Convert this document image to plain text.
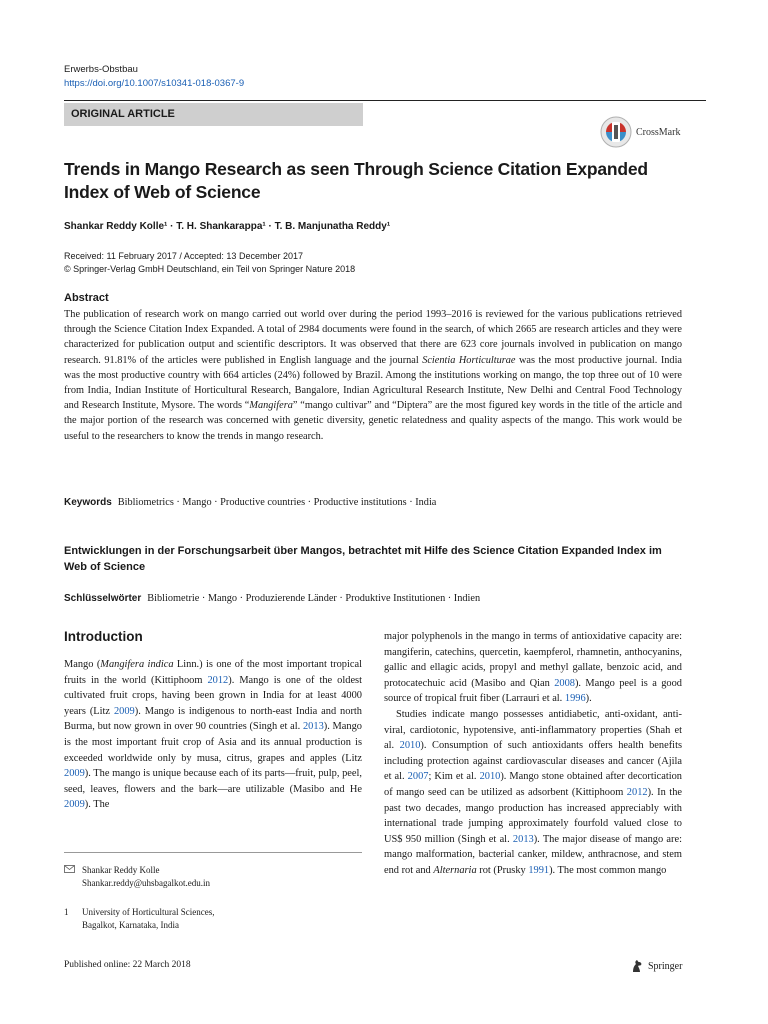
Erwerbs-Obstbau
https://doi.org/10.1007/s10341-018-0367-9
ORIGINAL ARTICLE
CrossMark
Trends in Mango Research as seen Through Science Citation Expanded Index of Web of Science
Shankar Reddy Kolle¹ · T. H. Shankarappa¹ · T. B. Manjunatha Reddy¹
Received: 11 February 2017 / Accepted: 13 December 2017
© Springer-Verlag GmbH Deutschland, ein Teil von Springer Nature 2018
Abstract

The publication of research work on mango carried out world over during the period 1993–2016 is reviewed for the various publications retrieved through the Science Citation Index Expanded. A total of 2984 documents were found in the search, of which 2665 are research articles and they were characterized for publication output and scientific descriptors. It was observed that there are 623 core journals involved in publication on mango research. 91.81% of the articles were published in English language and the journal Scientia Horticulturae was the most productive journal. India was the most productive country with 664 articles (24%) followed by Brazil. Among the institutions working on mango, the top three out of 10 were from India, Indian Institute of Horticultural Research, Bangalore, Indian Agricultural Research Institute, New Delhi and Central Food Technology and Research Institute, Mysore. The words “Mangifera” “mango cultivar” and “Diptera” are the most figured key words in the title of the article and the major portion of the research was concerned with genetic diversity, genetic relatedness and quality aspects of the mango. This work would be useful to the researchers to know the trends in mango research.

Keywords Bibliometrics · Mango · Productive countries · Productive institutions · India
Entwicklungen in der Forschungsarbeit über Mangos, betrachtet mit Hilfe des Science Citation Expanded Index im Web of Science
Schlüsselwörter Bibliometrie · Mango · Produzierende Länder · Produktive Institutionen · Indien
Introduction

Mango (Mangifera indica Linn.) is one of the most important tropical fruits in the world (Kittiphoom 2012). Mango is one of the oldest cultivated fruit crops, having been grown in India for at least 4000 years (Litz 2009). Mango is indigenous to north-east India and north Burma, but now grown in over 90 countries (Singh et al. 2013). Mango is the most important fruit crop of Asia and its annual production is exceeded worldwide only by musa, citrus, grapes and apples (Litz 2009). The mango is unique because each of its parts—fruit, pulp, peel, seed, leaves, flowers and the bark—are utilizable (Masibo and He 2009). The

major polyphenols in the mango in terms of antioxidative capacity are: mangiferin, catechins, quercetin, kaempferol, rhamnetin, anthocyanins, gallic and ellagic acids, propyl and methyl gallate, benzoic acid, and protocatechuic acid (Masibo and Qian 2008). Mango peel is a good source of tropical fruit fiber (Larrauri et al. 1996).

Studies indicate mango possesses antidiabetic, anti-oxidant, anti-viral, cardiotonic, hypotensive, anti-inflammatory properties (Shah et al. 2010). Consumption of such antioxidants offers health benefits including protection against cardiovascular diseases and cancer (Ajila et al. 2007; Kim et al. 2010). Mango stone obtained after decortication of mango seed can be utilized as adsorbent (Kittiphoom 2012). In the past two decades, mango production has increased appreciably with international trade jumping approximately fourfold valued close to US$ 950 million (Singh et al. 2013). The major disease of mango are: mango malformation, bacterial canker, mildew, anthracnose, and stem end rot and Alternaria rot (Prusky 1991). The most common mango

Shankar Reddy Kolle
Shankar.reddy@uhsbagalkot.edu.in
1 University of Horticultural Sciences,
Bagalkot, Karnataka, India
Published online: 22 March 2018	Springer
